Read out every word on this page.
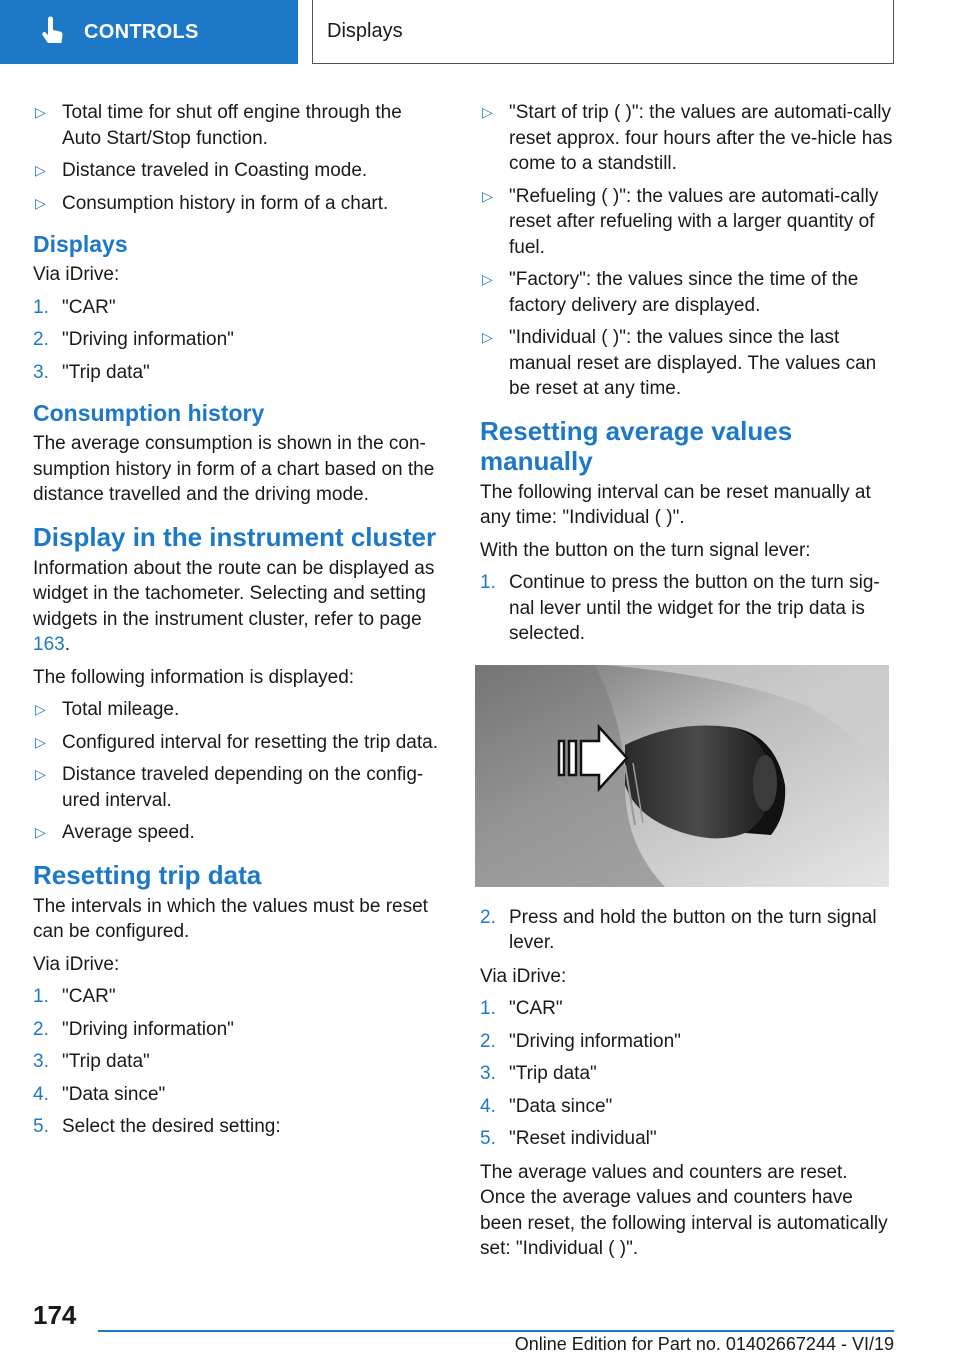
CONTROLS	Displays
▷ Total time for shut off engine through the Auto Start/Stop function.
▷ Distance traveled in Coasting mode.
▷ Consumption history in form of a chart.
Displays

Via iDrive:

1. "CAR"
2. "Driving information"
3. "Trip data"
Consumption history

The average consumption is shown in the con‐sumption history in form of a chart based on the distance travelled and the driving mode.

Display in the instrument cluster

Information about the route can be displayed as widget in the tachometer. Selecting and setting widgets in the instrument cluster, refer to page 163.

The following information is displayed:

▷ Total mileage.
▷ Configured interval for resetting the trip data.
▷ Distance traveled depending on the config‐ured interval.
▷ Average speed.
Resetting trip data

The intervals in which the values must be reset can be configured.

Via iDrive:

1. "CAR"
2. "Driving information"
3. "Trip data"
4. "Data since"
5. Select the desired setting:
▷ "Start of trip ( )": the values are automati‐cally reset approx. four hours after the ve‐hicle has come to a standstill.
▷ "Refueling ( )": the values are automati‐cally reset after refueling with a larger quantity of fuel.
▷ "Factory": the values since the time of the factory delivery are displayed.
▷ "Individual ( )": the values since the last manual reset are displayed. The values can be reset at any time.
Resetting average values manually

The following interval can be reset manually at any time: "Individual ( )".

With the button on the turn signal lever:

1. Continue to press the button on the turn sig‐nal lever until the widget for the trip data is selected.
2. Press and hold the button on the turn signal lever.

Via iDrive:

1. "CAR"
2. "Driving information"
3. "Trip data"
4. "Data since"
5. "Reset individual"

The average values and counters are reset. Once the average values and counters have been reset, the following interval is automatically set: "Individual ( )".

174
Online Edition for Part no. 01402667244 - VI/19
